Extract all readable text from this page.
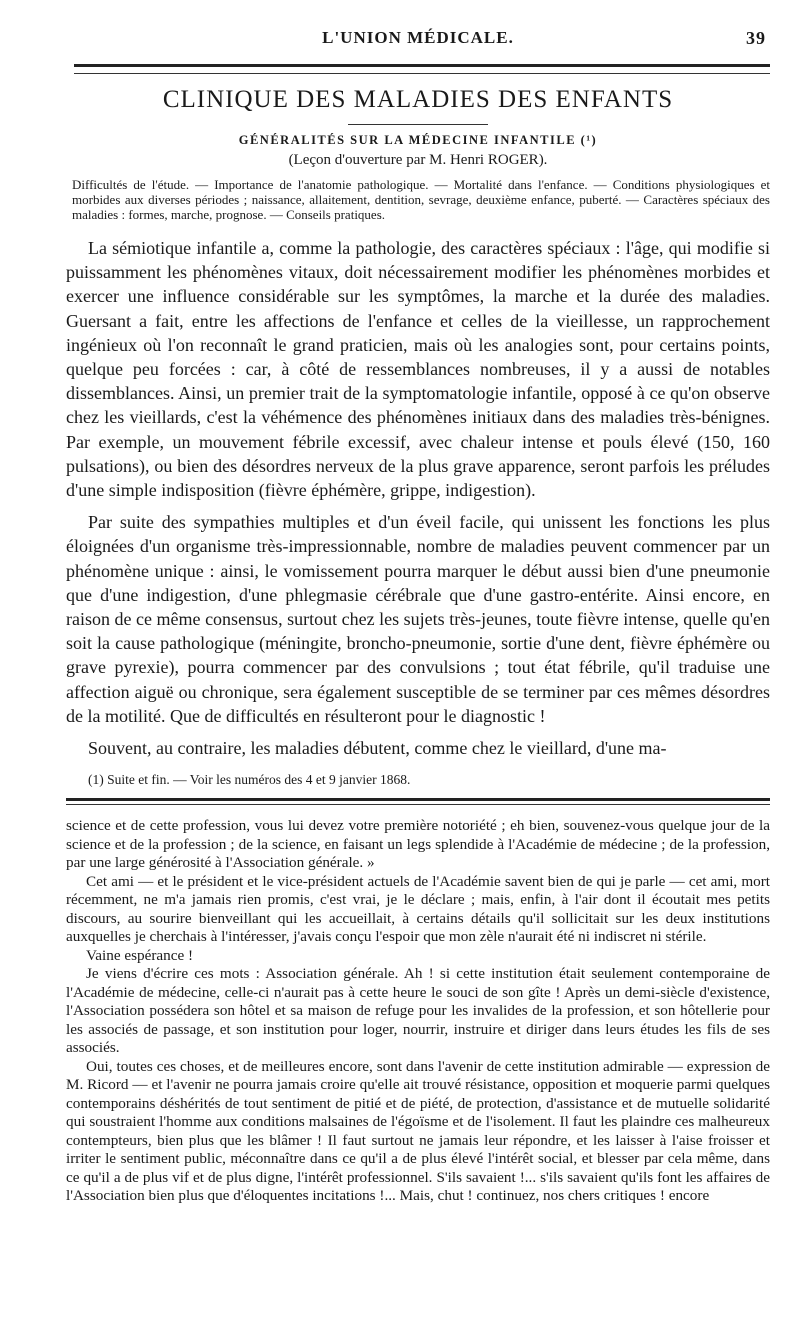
L'UNION MÉDICALE.	39
CLINIQUE DES MALADIES DES ENFANTS
GÉNÉRALITÉS SUR LA MÉDECINE INFANTILE (¹)
(Leçon d'ouverture par M. Henri ROGER).
Difficultés de l'étude. — Importance de l'anatomie pathologique. — Mortalité dans l'enfance. — Conditions physiologiques et morbides aux diverses périodes ; naissance, allaitement, dentition, sevrage, deuxième enfance, puberté. — Caractères spéciaux des maladies : formes, marche, prognose. — Conseils pratiques.

La sémiotique infantile a, comme la pathologie, des caractères spéciaux : l'âge, qui modifie si puissamment les phénomènes vitaux, doit nécessairement modifier les phénomènes morbides et exercer une influence considérable sur les symptômes, la marche et la durée des maladies. Guersant a fait, entre les affections de l'enfance et celles de la vieillesse, un rapprochement ingénieux où l'on reconnaît le grand praticien, mais où les analogies sont, pour certains points, quelque peu forcées : car, à côté de ressemblances nombreuses, il y a aussi de notables dissemblances. Ainsi, un premier trait de la symptomatologie infantile, opposé à ce qu'on observe chez les vieillards, c'est la véhémence des phénomènes initiaux dans des maladies très-bénignes. Par exemple, un mouvement fébrile excessif, avec chaleur intense et pouls élevé (150, 160 pulsations), ou bien des désordres nerveux de la plus grave apparence, seront parfois les préludes d'une simple indisposition (fièvre éphémère, grippe, indigestion).

Par suite des sympathies multiples et d'un éveil facile, qui unissent les fonctions les plus éloignées d'un organisme très-impressionnable, nombre de maladies peuvent commencer par un phénomène unique : ainsi, le vomissement pourra marquer le début aussi bien d'une pneumonie que d'une indigestion, d'une phlegmasie cérébrale que d'une gastro-entérite. Ainsi encore, en raison de ce même consensus, surtout chez les sujets très-jeunes, toute fièvre intense, quelle qu'en soit la cause pathologique (méningite, broncho-pneumonie, sortie d'une dent, fièvre éphémère ou grave pyrexie), pourra commencer par des convulsions ; tout état fébrile, qu'il traduise une affection aiguë ou chronique, sera également susceptible de se terminer par ces mêmes désordres de la motilité. Que de difficultés en résulteront pour le diagnostic !

Souvent, au contraire, les maladies débutent, comme chez le vieillard, d'une ma-

(1) Suite et fin. — Voir les numéros des 4 et 9 janvier 1868.

science et de cette profession, vous lui devez votre première notoriété ; eh bien, souvenez-vous quelque jour de la science et de la profession ; de la science, en faisant un legs splendide à l'Académie de médecine ; de la profession, par une large générosité à l'Association générale. »

Cet ami — et le président et le vice-président actuels de l'Académie savent bien de qui je parle — cet ami, mort récemment, ne m'a jamais rien promis, c'est vrai, je le déclare ; mais, enfin, à l'air dont il écoutait mes petits discours, au sourire bienveillant qui les accueillait, à certains détails qu'il sollicitait sur les deux institutions auxquelles je cherchais à l'intéresser, j'avais conçu l'espoir que mon zèle n'aurait été ni indiscret ni stérile.

Vaine espérance !

Je viens d'écrire ces mots : Association générale. Ah ! si cette institution était seulement contemporaine de l'Académie de médecine, celle-ci n'aurait pas à cette heure le souci de son gîte ! Après un demi-siècle d'existence, l'Association possédera son hôtel et sa maison de refuge pour les invalides de la profession, et son hôtellerie pour les associés de passage, et son institution pour loger, nourrir, instruire et diriger dans leurs études les fils de ses associés.

Oui, toutes ces choses, et de meilleures encore, sont dans l'avenir de cette institution admirable — expression de M. Ricord — et l'avenir ne pourra jamais croire qu'elle ait trouvé résistance, opposition et moquerie parmi quelques contemporains déshérités de tout sentiment de pitié et de piété, de protection, d'assistance et de mutuelle solidarité qui soustraient l'homme aux conditions malsaines de l'égoïsme et de l'isolement. Il faut les plaindre ces malheureux contempteurs, bien plus que les blâmer ! Il faut surtout ne jamais leur répondre, et les laisser à l'aise froisser et irriter le sentiment public, méconnaître dans ce qu'il a de plus élevé l'intérêt social, et blesser par cela même, dans ce qu'il a de plus vif et de plus digne, l'intérêt professionnel. S'ils savaient !... s'ils savaient qu'ils font les affaires de l'Association bien plus que d'éloquentes incitations !... Mais, chut ! continuez, nos chers critiques ! encore
